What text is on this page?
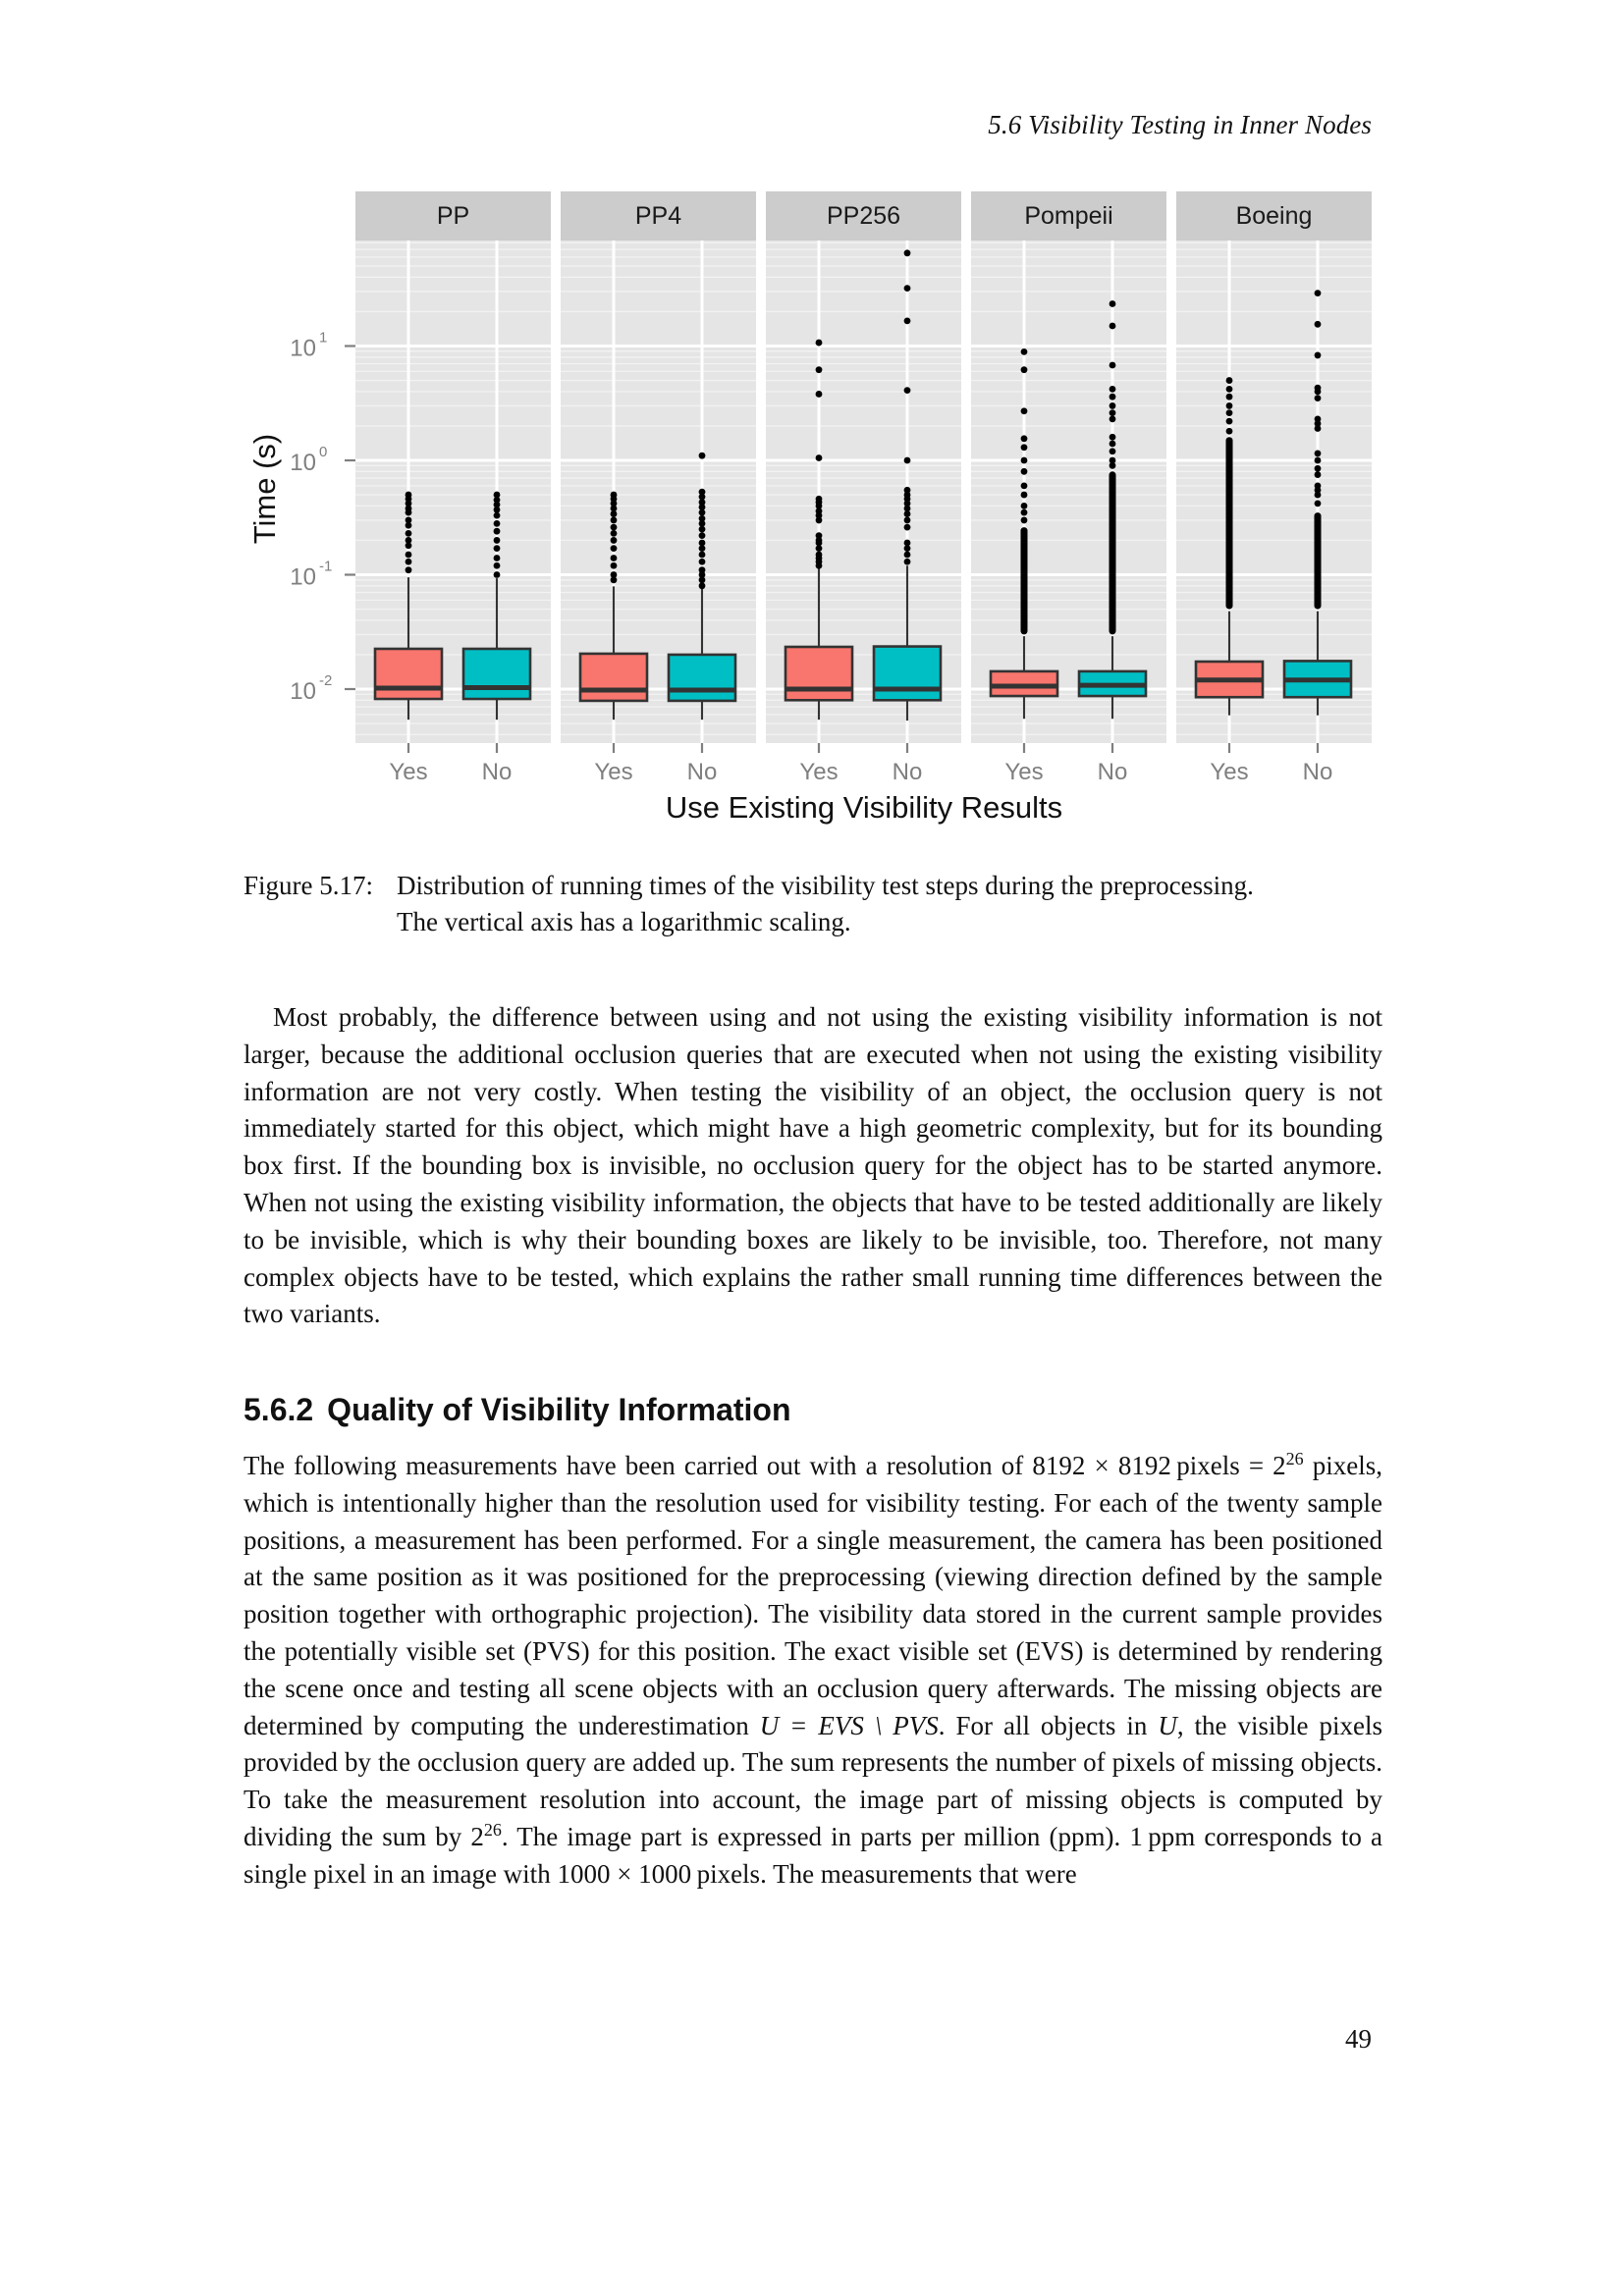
5.6 Visibility Testing in Inner Nodes
PP
Yes No
PP4
Yes No
PP256
Yes No
Pompeii
Yes No
Boeing
Yes No
10 -2
10 -1
10 0
10 1
Time (s)
Use Existing Visibility Results
Figure 5.17: Distribution of running times of the visibility test steps during the preprocessing.
The vertical axis has a logarithmic scaling.

Most probably, the difference between using and not using the existing visibility information is not larger, because the additional occlusion queries that are executed when not using the existing visibility information are not very costly. When testing the visibility of an object, the occlusion query is not immediately started for this object, which might have a high geometric complexity, but for its bounding box first. If the bounding box is invisible, no occlusion query for the object has to be started anymore. When not using the existing visibility information, the objects that have to be tested additionally are likely to be invisible, which is why their bounding boxes are likely to be invisible, too. Therefore, not many complex objects have to be tested, which explains the rather small running time differences between the two variants.

5.6.2 Quality of Visibility Information

The following measurements have been carried out with a resolution of 8192 × 8192 pixels = $2^{26}$ pixels, which is intentionally higher than the resolution used for visibility testing. For each of the twenty sample positions, a measurement has been performed. For a single measurement, the camera has been positioned at the same position as it was positioned for the preprocessing (viewing direction defined by the sample position together with orthographic projection). The visibility data stored in the current sample provides the potentially visible set (PVS) for this position. The exact visible set (EVS) is determined by rendering the scene once and testing all scene objects with an occlusion query afterwards. The missing objects are determined by computing the underestimation U = EVS \ PVS. For all objects in U, the visible pixels provided by the occlusion query are added up. The sum represents the number of pixels of missing objects. To take the measurement resolution into account, the image part of missing objects is computed by dividing the sum by $2^{26}$. The image part is expressed in parts per million (ppm). 1 ppm corresponds to a single pixel in an image with 1000 × 1000 pixels. The measurements that were

49
